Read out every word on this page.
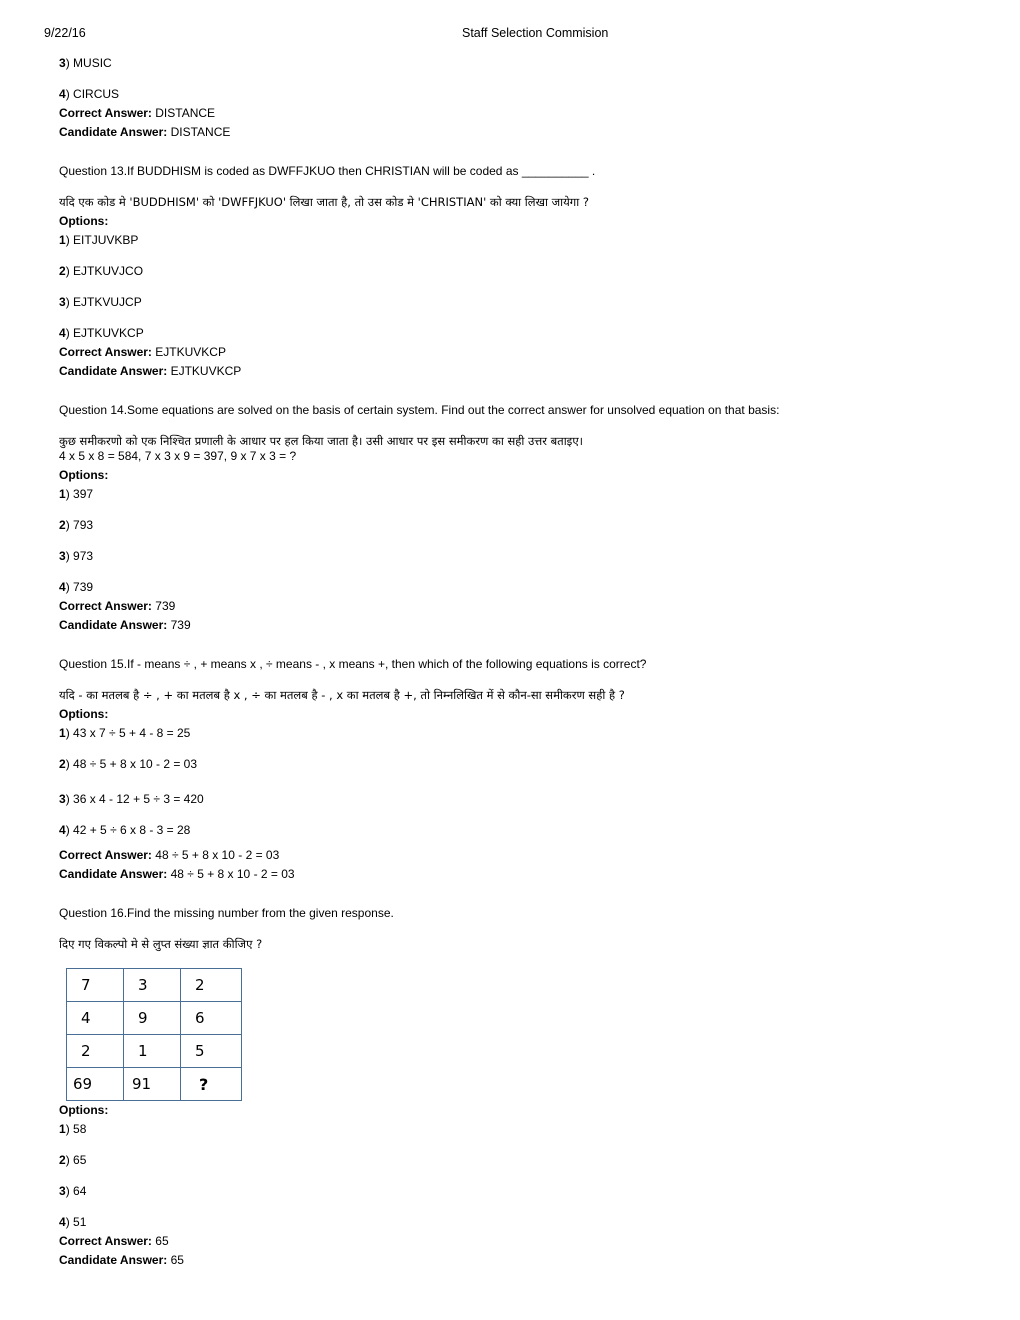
9/22/16	Staff Selection Commision
3) MUSIC
4) CIRCUS
Correct Answer: DISTANCE
Candidate Answer: DISTANCE
Question 13.If BUDDHISM is coded as DWFFJKUO then CHRISTIAN will be coded as __________ .
यदि एक कोड मे 'BUDDHISM' को 'DWFFJKUO' लिखा जाता है, तो उस कोड मे 'CHRISTIAN' को क्या लिखा जायेगा ?
Options:
1) EITJUVKBP
2) EJTKUVJCO
3) EJTKVUJCP
4) EJTKUVKCP
Correct Answer: EJTKUVKCP
Candidate Answer: EJTKUVKCP
Question 14.Some equations are solved on the basis of certain system. Find out the correct answer for unsolved equation on that basis:
कुछ समीकरणो को एक निश्चित प्रणाली के आधार पर हल किया जाता है। उसी आधार पर इस समीकरण का सही उत्तर बताइए।
4 x 5 x 8 = 584, 7 x 3 x 9 = 397, 9 x 7 x 3 = ?
Options:
1) 397
2) 793
3) 973
4) 739
Correct Answer: 739
Candidate Answer: 739
Question 15.If - means ÷ , + means x , ÷ means - , x means +, then which of the following equations is correct?
यदि - का मतलब है ÷ , + का मतलब है x , ÷ का मतलब है - , x का मतलब है +, तो निम्नलिखित में से कौन-सा समीकरण सही है ?
Options:
1) 43 x 7 ÷ 5 + 4 - 8 = 25
2) 48 ÷ 5 + 8 x 10 - 2 = 03
3) 36 x 4 - 12 + 5 ÷ 3 = 420
4) 42 + 5 ÷ 6 x 8 - 3 = 28
Correct Answer: 48 ÷ 5 + 8 x 10 - 2 = 03
Candidate Answer: 48 ÷ 5 + 8 x 10 - 2 = 03
Question 16.Find the missing number from the given response.
दिए गए विकल्पो मे से लुप्त संख्या ज्ञात कीजिए ?
7	3	2
4	9	6
2	1	5
69	91	?
Options:
1) 58
2) 65
3) 64
4) 51
Correct Answer: 65
Candidate Answer: 65
